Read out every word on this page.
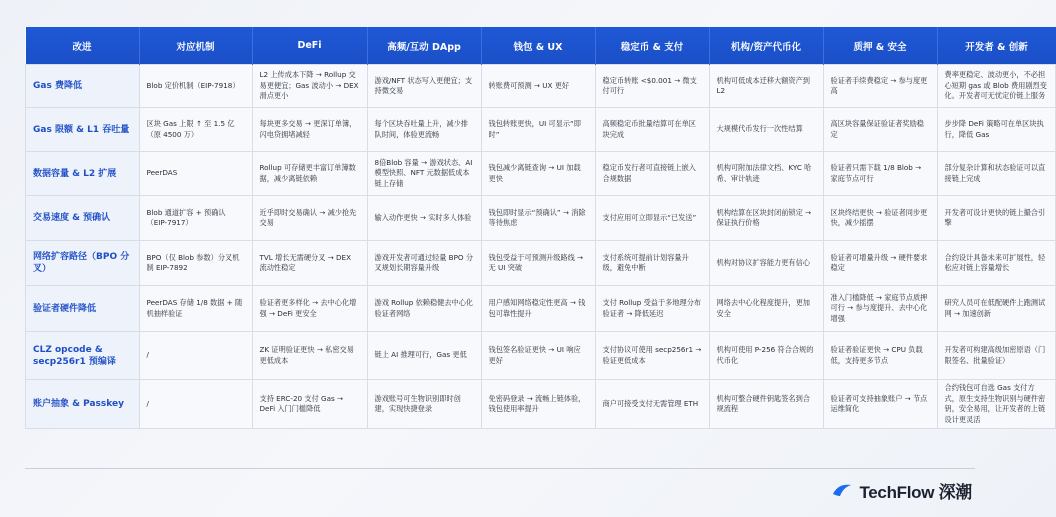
改进	对应机制	DeFi	高频/互动 DApp	钱包 & UX	稳定币 & 支付	机构/资产代币化	质押 & 安全	开发者 & 创新
Gas 费降低	Blob 定价机制（EIP-7918）	L2 上传成本下降 → Rollup 交易更便宜；Gas 波动小 → DEX 滑点更小	游戏/NFT 状态写入更便宜；支持微交易	转账费可预测 → UX 更好	稳定币转账 <$0.001 → 微支付可行	机构可低成本迁移大额资产到 L2	验证者手续费稳定 → 参与度更高	费率更稳定、波动更小，不必担心短期 gas 或 Blob 费用剧烈变化。开发者可无忧定价链上服务
Gas 限额 & L1 吞吐量	区块 Gas 上限 ↑ 至 1.5 亿（原 4500 万）	每块更多交易 → 更深订单簿，闪电贷拥堵减轻	每个区块吞吐量上升，减少排队时间，体验更流畅	钱包转账更快，UI 可显示“即时”	高频稳定币批量结算可在单区块完成	大规模代币发行一次性结算	高区块容量保证验证者奖励稳定	步步降 DeFi 策略可在单区块执行，降低 Gas
数据容量 & L2 扩展	PeerDAS	Rollup 可存储更丰富订单簿数据，减少离链依赖	8倍Blob 容量 → 游戏状态、AI 模型快照、NFT 元数据低成本链上存储	钱包减少离链查询 → UI 加载更快	稳定币发行者可直接链上嵌入合规数据	机构可附加法律文档、KYC 哈希、审计轨迹	验证者只需下载 1/8 Blob → 家庭节点可行	部分复杂计算和状态验证可以直接链上完成
交易速度 & 预确认	Blob 通道扩容 + 预确认（EIP-7917）	近乎即时交易确认 → 减少抢先交易	输入动作更快 → 实时多人体验	钱包即时显示“预确认” → 消除等待焦虑	支付应用可立即显示“已发送”	机构结算在区块封闭前锁定 → 保证执行价格	区块终结更快 → 验证者同步更快，减少摇摆	开发者可设计更快的链上撮合引擎
网络扩容路径（BPO 分叉）	BPO（仅 Blob 参数）分叉机制 EIP-7892	TVL 增长无需硬分叉 → DEX 流动性稳定	游戏开发者可通过轻量 BPO 分叉规划长期容量升级	钱包受益于可预测升级路线 → 无 UI 突破	支付系统可提前计划容量升级，避免中断	机构对协议扩容能力更有信心	验证者可增量升级 → 硬件要求稳定	合约设计具备未来可扩展性，轻松应对链上容量增长
验证者硬件降低	PeerDAS 存储 1/8 数据 + 随机抽样验证	验证者更多样化 → 去中心化增强 → DeFi 更安全	游戏 Rollup 依赖稳健去中心化验证者网络	用户感知网络稳定性更高 → 钱包可靠性提升	支付 Rollup 受益于多地理分布验证者 → 降低延迟	网络去中心化程度提升，更加安全	准入门槛降低 → 家庭节点质押可行 → 参与度提升、去中心化增强	研究人员可在低配硬件上跑测试网 → 加速创新
CLZ opcode & secp256r1 预编译	/	ZK 证明验证更快 → 私密交易更低成本	链上 AI 推理可行，Gas 更低	钱包签名验证更快 → UI 响应更好	支付协议可使用 secp256r1 → 验证更低成本	机构可使用 P-256 符合合规的代币化	验证者验证更快 → CPU 负载低，支持更多节点	开发者可构建高级加密原语（门限签名、批量验证）
账户抽象 & Passkey	/	支持 ERC-20 支付 Gas → DeFi 入门门槛降低	游戏账号可生物识别即时创建，实现快捷登录	免密码登录 → 流畅上链体验，钱包使用率提升	商户可接受支付无需管理 ETH	机构可整合硬件钥匙签名到合规流程	验证者可支持抽象账户 → 节点运维简化	合约钱包可自选 Gas 支付方式，原生支持生物识别与硬件密钥，安全易用，让开发者的上链设计更灵活
TechFlow 深潮
